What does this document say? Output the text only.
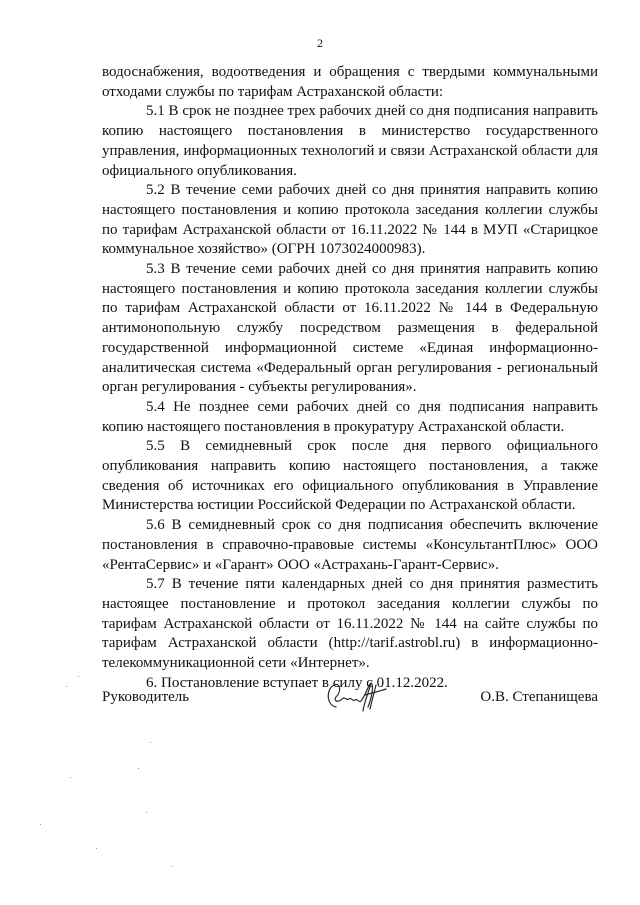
2

водоснабжения, водоотведения и обращения с твердыми коммунальными отходами службы по тарифам Астраханской области:

5.1 В срок не позднее трех рабочих дней со дня подписания направить копию настоящего постановления в министерство государственного управления, информационных технологий и связи Астраханской области для официального опубликования.

5.2 В течение семи рабочих дней со дня принятия направить копию настоящего постановления и копию протокола заседания коллегии службы по тарифам Астраханской области от 16.11.2022 № 144 в МУП «Старицкое коммунальное хозяйство» (ОГРН 1073024000983).

5.3 В течение семи рабочих дней со дня принятия направить копию настоящего постановления и копию протокола заседания коллегии службы по тарифам Астраханской области от 16.11.2022 № 144 в Федеральную антимонопольную службу посредством размещения в федеральной государственной информационной системе «Единая информационно-аналитическая система «Федеральный орган регулирования - региональный орган регулирования - субъекты регулирования».

5.4 Не позднее семи рабочих дней со дня подписания направить копию настоящего постановления в прокуратуру Астраханской области.

5.5 В семидневный срок после дня первого официального опубликования направить копию настоящего постановления, а также сведения об источниках его официального опубликования в Управление Министерства юстиции Российской Федерации по Астраханской области.

5.6 В семидневный срок со дня подписания обеспечить включение постановления в справочно-правовые системы «КонсультантПлюс» ООО «РентаСервис» и «Гарант» ООО «Астрахань-Гарант-Сервис».

5.7 В течение пяти календарных дней со дня принятия разместить настоящее постановление и протокол заседания коллегии службы по тарифам Астраханской области от 16.11.2022 № 144 на сайте службы по тарифам Астраханской области (http://tarif.astrobl.ru) в информационно-телекоммуникационной сети «Интернет».

6. Постановление вступает в силу с 01.12.2022.

Руководитель	О.В. Степанищева
